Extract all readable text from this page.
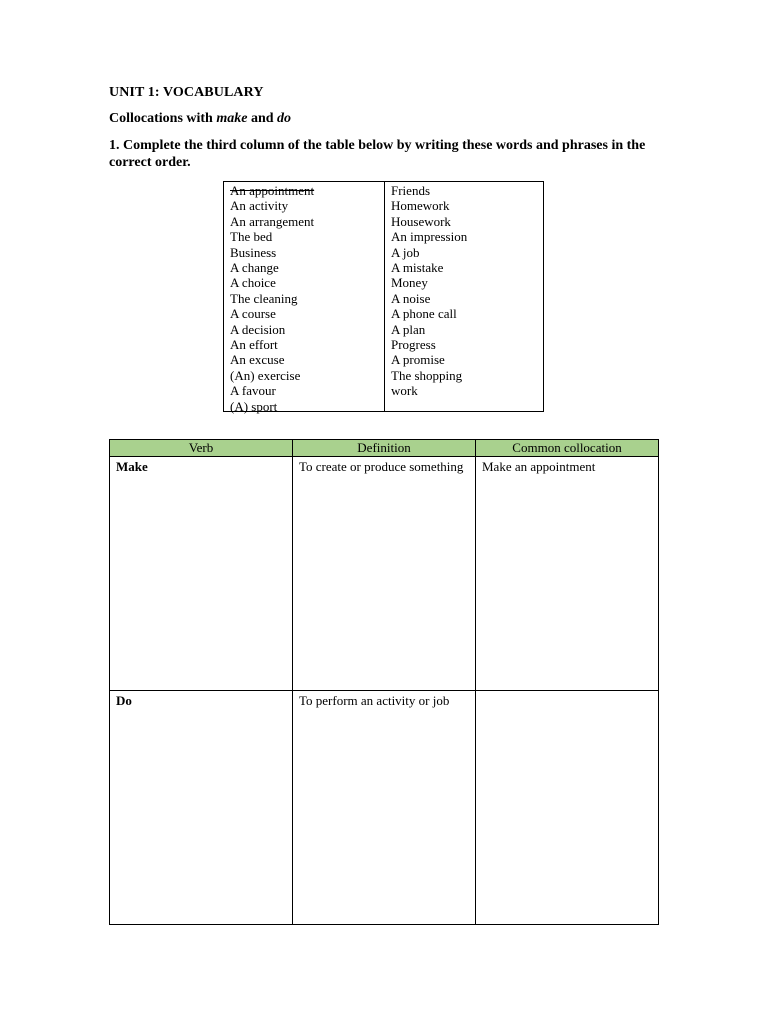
UNIT 1: VOCABULARY
Collocations with make and do
1. Complete the third column of the table below by writing these words and phrases in the correct order.
An appointment
An activity
An arrangement
The bed
Business
A change
A choice
The cleaning
A course
A decision
An effort
An excuse
(An) exercise
A favour
(A) sport
Friends
Homework
Housework
An impression
A job
A mistake
Money
A noise
A phone call
A plan
Progress
A promise
The shopping
work
Verb	Definition	Common collocation
Make	To create or produce something	Make an appointment
Do	To perform an activity or job	
